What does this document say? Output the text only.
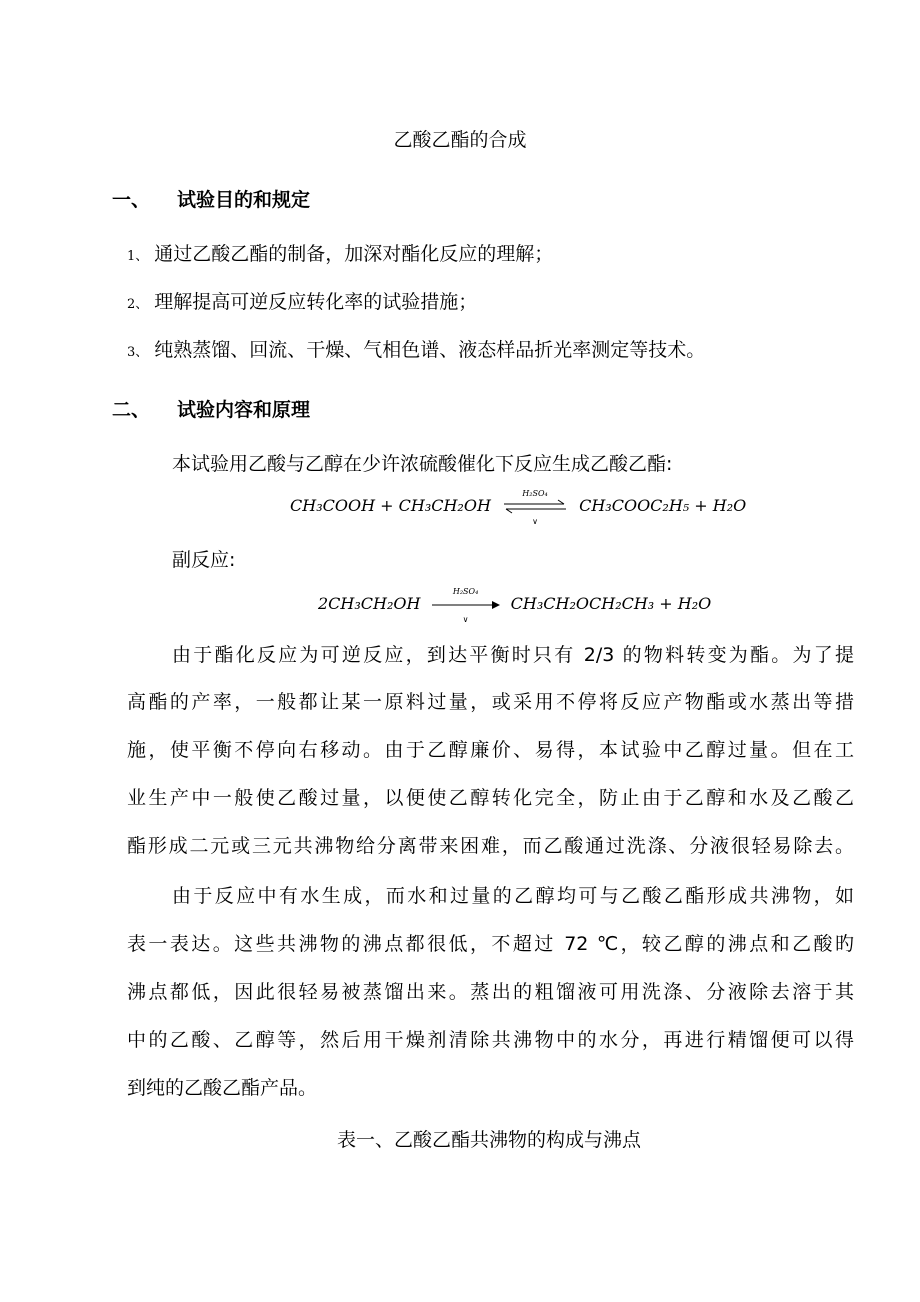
乙酸乙酯的合成
一、 试验目的和规定
1、 通过乙酸乙酯的制备，加深对酯化反应的理解；
2、 理解提高可逆反应转化率的试验措施；
3、 纯熟蒸馏、回流、干燥、气相色谱、液态样品折光率测定等技术。
二、 试验内容和原理
本试验用乙酸与乙醇在少许浓硫酸催化下反应生成乙酸乙酯:
CH₃COOH + CH₃CH₂OH
H₂SO₄
∨
CH₃COOC₂H₅ + H₂O
副反应:
2CH₃CH₂OH
H₂SO₄
∨
CH₃CH₂OCH₂CH₃ + H₂O
由于酯化反应为可逆反应，到达平衡时只有 2/3 的物料转变为酯。为了提
高酯的产率，一般都让某一原料过量，或采用不停将反应产物酯或水蒸出等措
施，使平衡不停向右移动。由于乙醇廉价、易得，本试验中乙醇过量。但在工
业生产中一般使乙酸过量，以便使乙醇转化完全，防止由于乙醇和水及乙酸乙
酯形成二元或三元共沸物给分离带来困难，而乙酸通过洗涤、分液很轻易除去。
由于反应中有水生成，而水和过量的乙醇均可与乙酸乙酯形成共沸物，如
表一表达。这些共沸物的沸点都很低，不超过 72 ℃，较乙醇的沸点和乙酸旳
沸点都低，因此很轻易被蒸馏出来。蒸出的粗馏液可用洗涤、分液除去溶于其
中的乙酸、乙醇等，然后用干燥剂清除共沸物中的水分，再进行精馏便可以得
到纯的乙酸乙酯产品。
表一、乙酸乙酯共沸物的构成与沸点
